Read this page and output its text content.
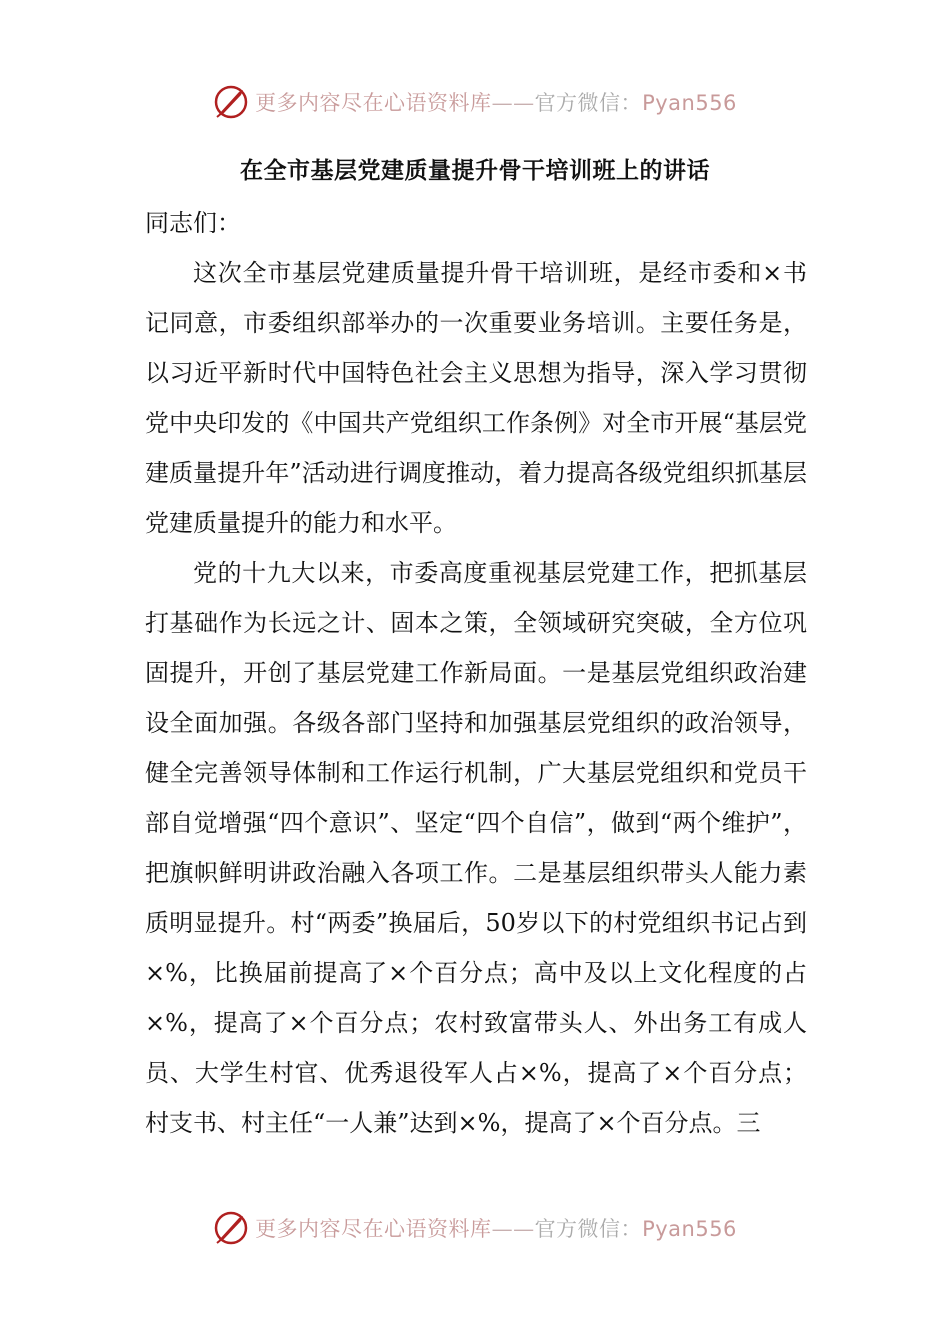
更多内容尽在心语资料库——官方微信：Pyan556
在全市基层党建质量提升骨干培训班上的讲话

同志们：

这次全市基层党建质量提升骨干培训班，是经市委和×书记同意，市委组织部举办的一次重要业务培训。主要任务是，以习近平新时代中国特色社会主义思想为指导，深入学习贯彻党中央印发的《中国共产党组织工作条例》对全市开展“基层党建质量提升年”活动进行调度推动，着力提高各级党组织抓基层党建质量提升的能力和水平。

党的十九大以来，市委高度重视基层党建工作，把抓基层打基础作为长远之计、固本之策，全领域研究突破，全方位巩固提升，开创了基层党建工作新局面。一是基层党组织政治建设全面加强。各级各部门坚持和加强基层党组织的政治领导，健全完善领导体制和工作运行机制，广大基层党组织和党员干部自觉增强“四个意识”、坚定“四个自信”，做到“两个维护”，把旗帜鲜明讲政治融入各项工作。二是基层组织带头人能力素质明显提升。村“两委”换届后，50岁以下的村党组织书记占到×%，比换届前提高了×个百分点；高中及以上文化程度的占×%，提高了×个百分点；农村致富带头人、外出务工有成人员、大学生村官、优秀退役军人占×%，提高了×个百分点；村支书、村主任“一人兼”达到×%，提高了×个百分点。三

更多内容尽在心语资料库——官方微信：Pyan556
